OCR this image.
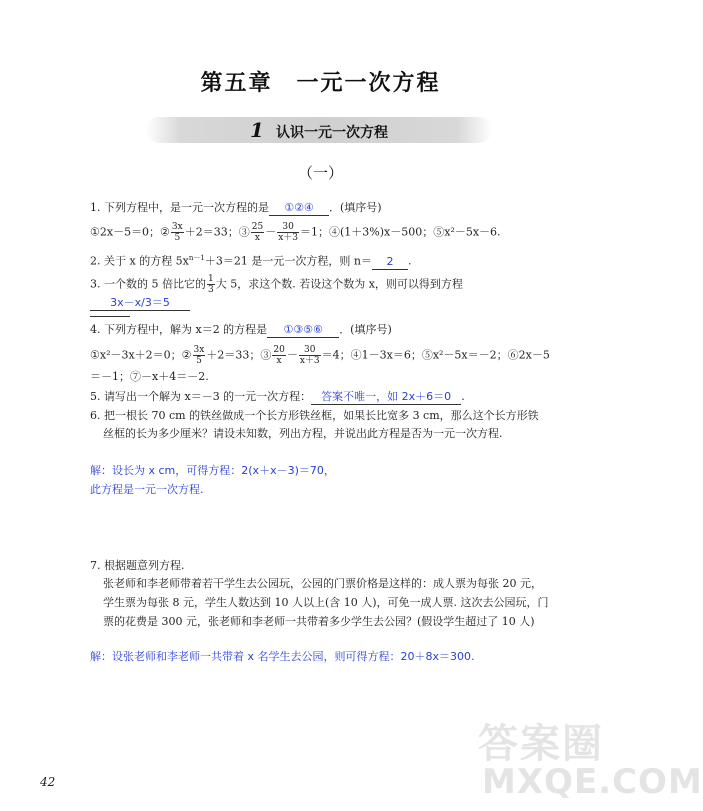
第五章 一元一次方程
1 认识一元一次方程
（一）
1. 下列方程中，是一元一次方程的是 ①②④ ．(填序号)
①2x－5＝0；② $\frac{3x}{5} +2=33$；③ $\frac{25}{x} - \frac{30}{x+3} =1$；④(1＋3%)x－500；⑤x²－5x－6.
2. 关于 x 的方程 $5x^{n-1}+3=21$ 是一元一次方程，则 n＝ 2 .
3. 一个数的 5 倍比它的 $\frac{1}{3}$ 大 5，求这个数. 若设这个数为 x，则可以得到方程3x－x/3＝5
4. 下列方程中，解为 x＝2 的方程是 ①③⑤⑥ ．(填序号)
①x²－3x＋2＝0；② $\frac{3x}{5} +2=33$；③ $\frac{20}{x} - \frac{30}{x+3} =4$；④1－3x＝6；⑤x²－5x＝－2；⑥2x－5
＝－1；⑦－x＋4＝－2.
5. 请写出一个解为 x＝－3 的一元一次方程： 答案不唯一，如 2x＋6＝0 .
6. 把一根长 70 cm 的铁丝做成一个长方形铁丝框，如果长比宽多 3 cm，那么这个长方形铁
丝框的长为多少厘米？请设未知数，列出方程，并说出此方程是否为一元一次方程.
解：设长为 x cm，可得方程：2(x＋x－3)＝70，
此方程是一元一次方程.
7. 根据题意列方程.
张老师和李老师带着若干学生去公园玩，公园的门票价格是这样的：成人票为每张 20 元，
学生票为每张 8 元，学生人数达到 10 人以上(含 10 人)，可免一成人票. 这次去公园玩，门
票的花费是 300 元，张老师和李老师一共带着多少学生去公园？(假设学生超过了 10 人)
解：设张老师和李老师一共带着 x 名学生去公园，则可得方程：20＋8x＝300.
42
答案圈
MXQE.COM
